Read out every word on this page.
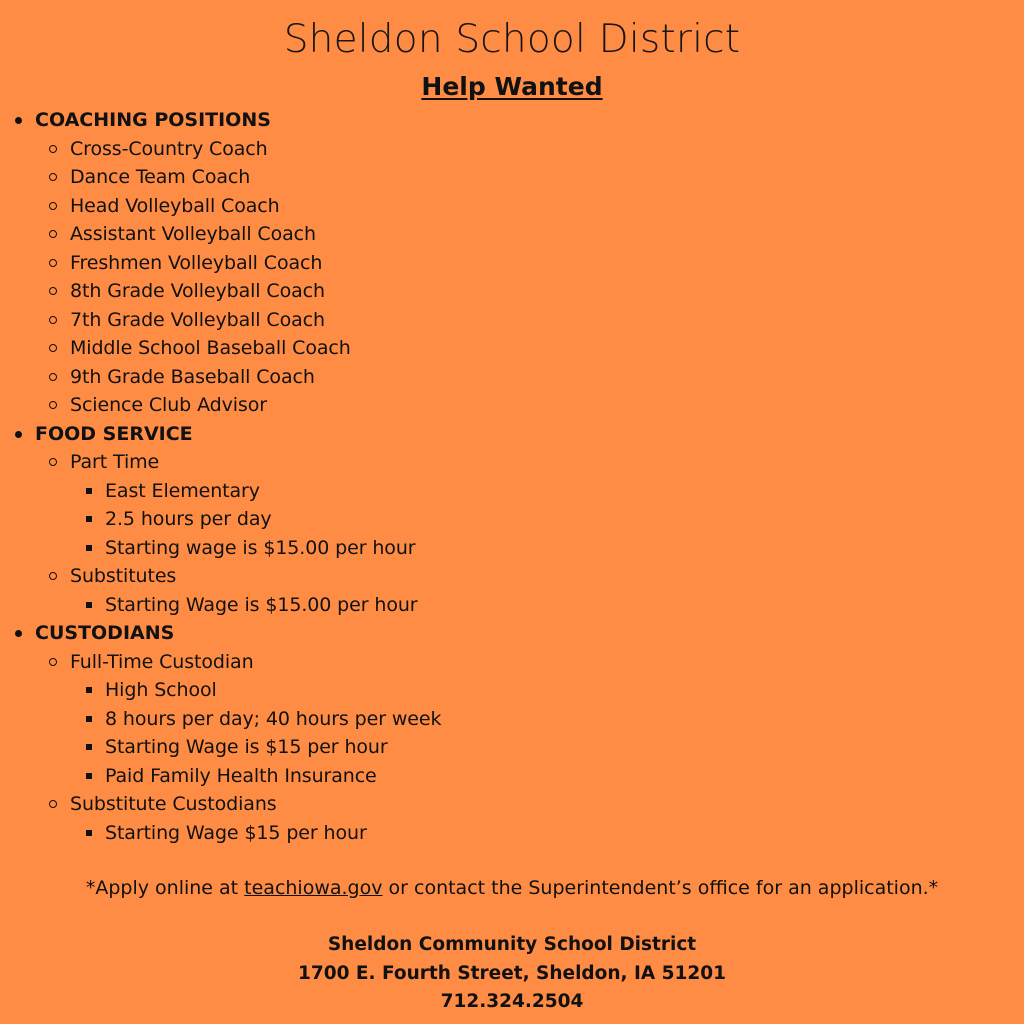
Sheldon School District
Help Wanted
COACHING POSITIONS
Cross-Country Coach
Dance Team Coach
Head Volleyball Coach
Assistant Volleyball Coach
Freshmen Volleyball Coach
8th Grade Volleyball Coach
7th Grade Volleyball Coach
Middle School Baseball Coach
9th Grade Baseball Coach
Science Club Advisor
FOOD SERVICE
Part Time
East Elementary
2.5 hours per day
Starting wage is $15.00 per hour
Substitutes
Starting Wage is $15.00 per hour
CUSTODIANS
Full-Time Custodian
High School
8 hours per day; 40 hours per week
Starting Wage is $15 per hour
Paid Family Health Insurance
Substitute Custodians
Starting Wage $15 per hour
*Apply online at teachiowa.gov or contact the Superintendent’s office for an application.*
Sheldon Community School District
1700 E. Fourth Street, Sheldon, IA 51201
712.324.2504
